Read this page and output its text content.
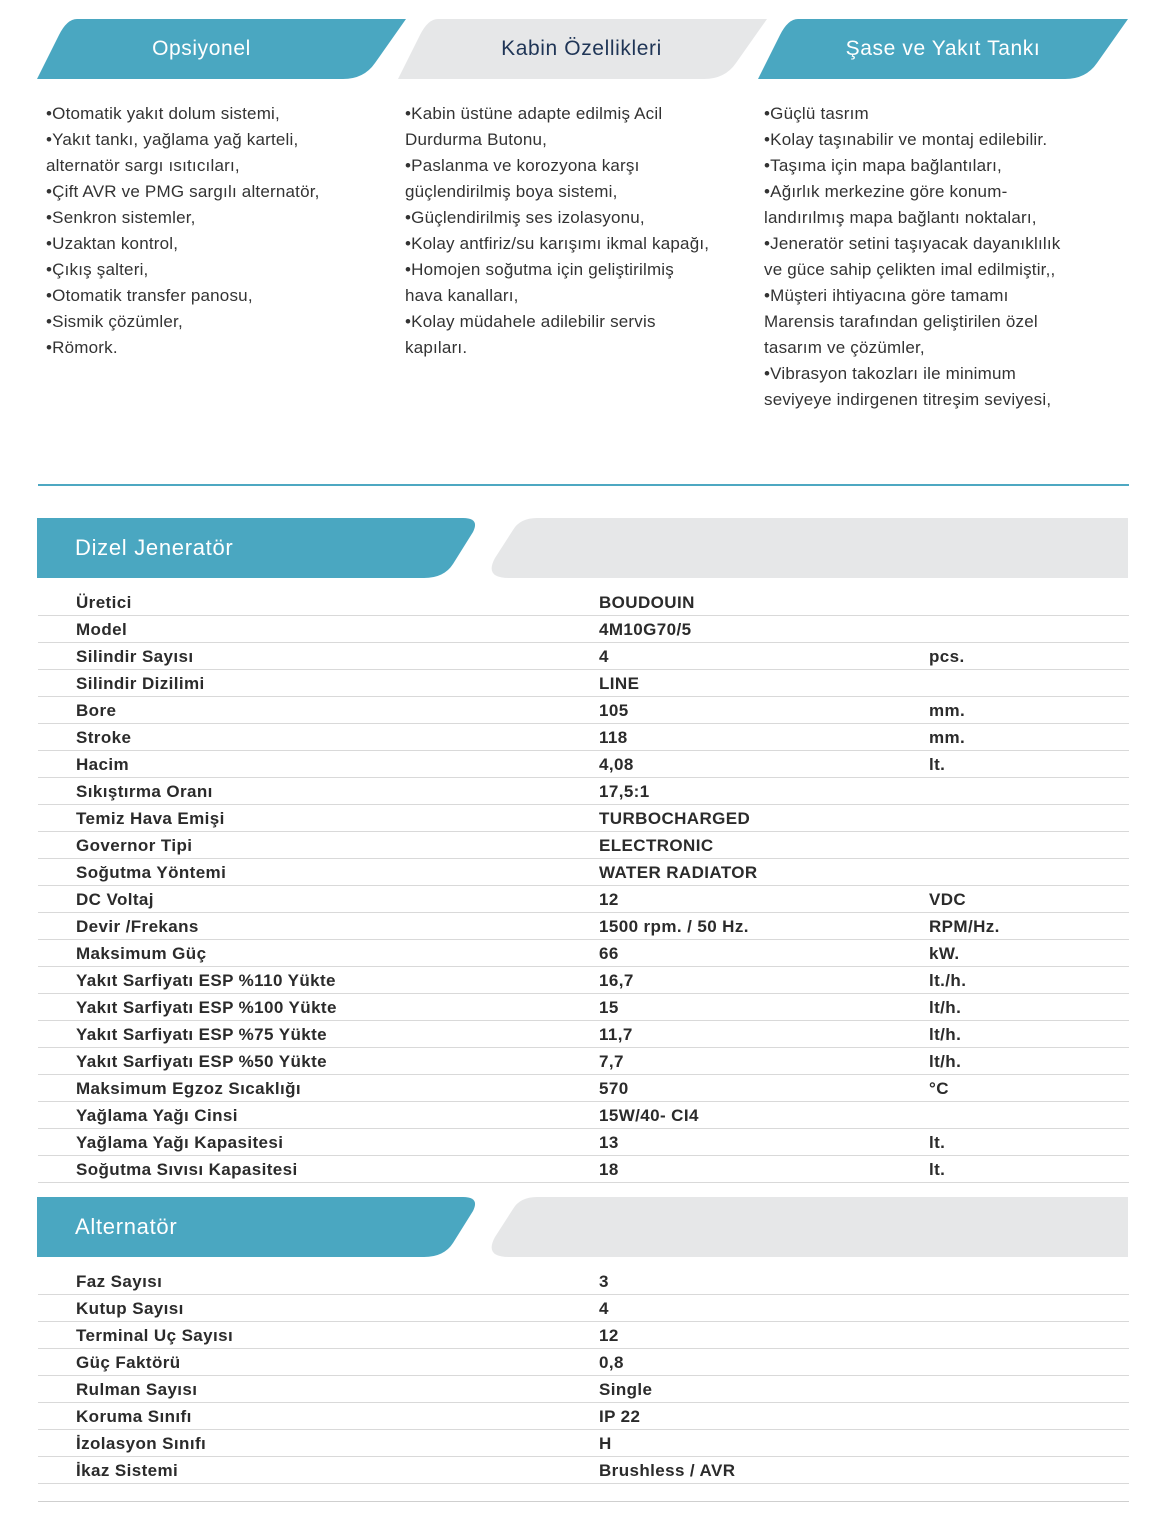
Opsiyonel	Kabin Özellikleri	Şase ve Yakıt Tankı
•Otomatik yakıt dolum sistemi,
•Yakıt tankı, yağlama yağ karteli,
alternatör sargı ısıtıcıları,
•Çift AVR ve PMG sargılı alternatör,
•Senkron sistemler,
•Uzaktan kontrol,
•Çıkış şalteri,
•Otomatik transfer panosu,
•Sismik çözümler,
•Römork.
•Kabin üstüne adapte edilmiş Acil
Durdurma Butonu,
•Paslanma ve korozyona karşı
güçlendirilmiş boya sistemi,
•Güçlendirilmiş ses izolasyonu,
•Kolay antfiriz/su karışımı ikmal kapağı,
•Homojen soğutma için geliştirilmiş
hava kanalları,
•Kolay müdahele adilebilir servis
kapıları.
•Güçlü tasrım
•Kolay taşınabilir ve montaj edilebilir.
•Taşıma için mapa bağlantıları,
•Ağırlık merkezine göre konum-
landırılmış mapa bağlantı noktaları,
•Jeneratör setini taşıyacak dayanıklılık
ve güce sahip çelikten imal edilmiştir,,
•Müşteri ihtiyacına göre tamamı
Marensis tarafından geliştirilen özel
tasarım ve çözümler,
•Vibrasyon takozları ile minimum
seviyeye indirgenen titreşim seviyesi,
Dizel Jeneratör
Üretici	BOUDOUIN
Model	4M10G70/5
Silindir Sayısı	4	pcs.
Silindir Dizilimi	LINE
Bore	105	mm.
Stroke	118	mm.
Hacim	4,08	lt.
Sıkıştırma Oranı	17,5:1
Temiz Hava Emişi	TURBOCHARGED
Governor Tipi	ELECTRONIC
Soğutma Yöntemi	WATER RADIATOR
DC Voltaj	12	VDC
Devir /Frekans	1500 rpm. / 50 Hz.	RPM/Hz.
Maksimum Güç	66	kW.
Yakıt Sarfiyatı ESP %110 Yükte	16,7	lt./h.
Yakıt Sarfiyatı ESP %100 Yükte	15	lt/h.
Yakıt Sarfiyatı ESP %75 Yükte	11,7	lt/h.
Yakıt Sarfiyatı ESP %50 Yükte	7,7	lt/h.
Maksimum Egzoz Sıcaklığı	570	°C
Yağlama Yağı Cinsi	15W/40- CI4
Yağlama Yağı Kapasitesi	13	lt.
Soğutma Sıvısı Kapasitesi	18	lt.
Alternatör
Faz Sayısı	3
Kutup Sayısı	4
Terminal Uç Sayısı	12
Güç Faktörü	0,8
Rulman Sayısı	Single
Koruma Sınıfı	IP 22
İzolasyon Sınıfı	H
İkaz Sistemi	Brushless / AVR
